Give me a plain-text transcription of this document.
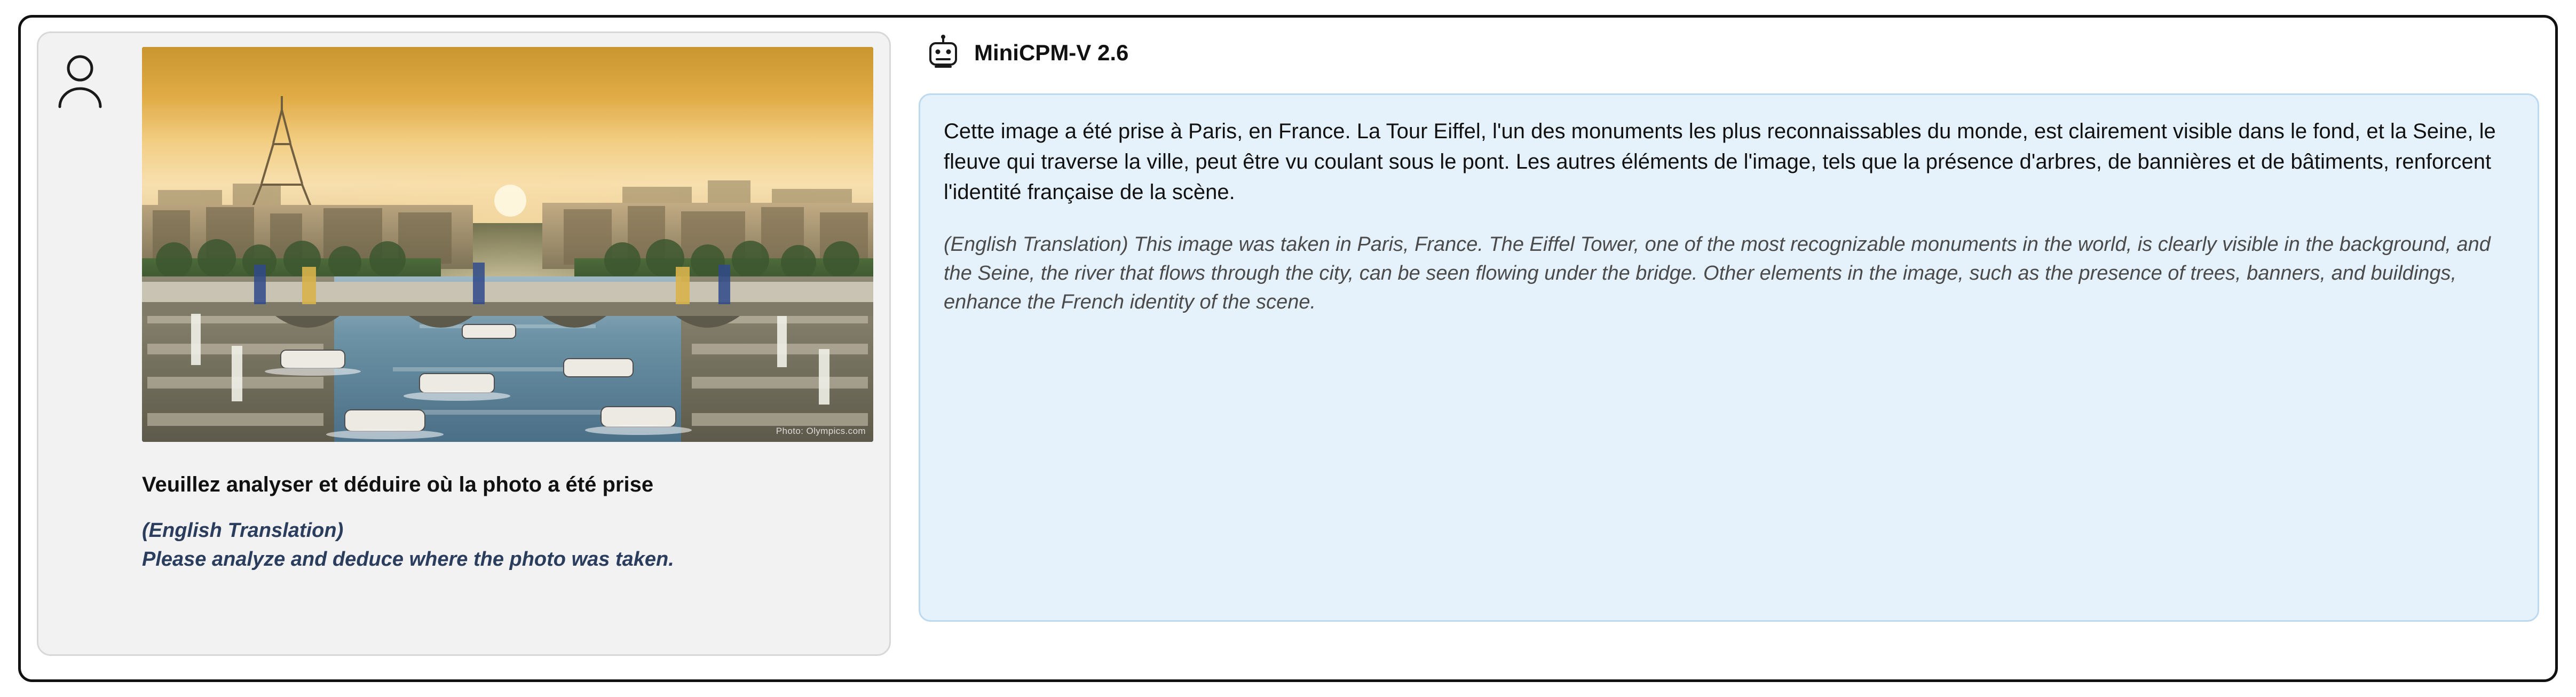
Photo: Olympics.com
Veuillez analyser et déduire où la photo a été prise
(English Translation)
Please analyze and deduce where the photo was taken.
MiniCPM-V 2.6
Cette image a été prise à Paris, en France. La Tour Eiffel, l'un des monuments les plus reconnaissables du monde, est clairement visible dans le fond, et la Seine, le fleuve qui traverse la ville, peut être vu coulant sous le pont. Les autres éléments de l'image, tels que la présence d'arbres, de bannières et de bâtiments, renforcent l'identité française de la scène.
(English Translation) This image was taken in Paris, France. The Eiffel Tower, one of the most recognizable monuments in the world, is clearly visible in the background, and the Seine, the river that flows through the city, can be seen flowing under the bridge. Other elements in the image, such as the presence of trees, banners, and buildings, enhance the French identity of the scene.
